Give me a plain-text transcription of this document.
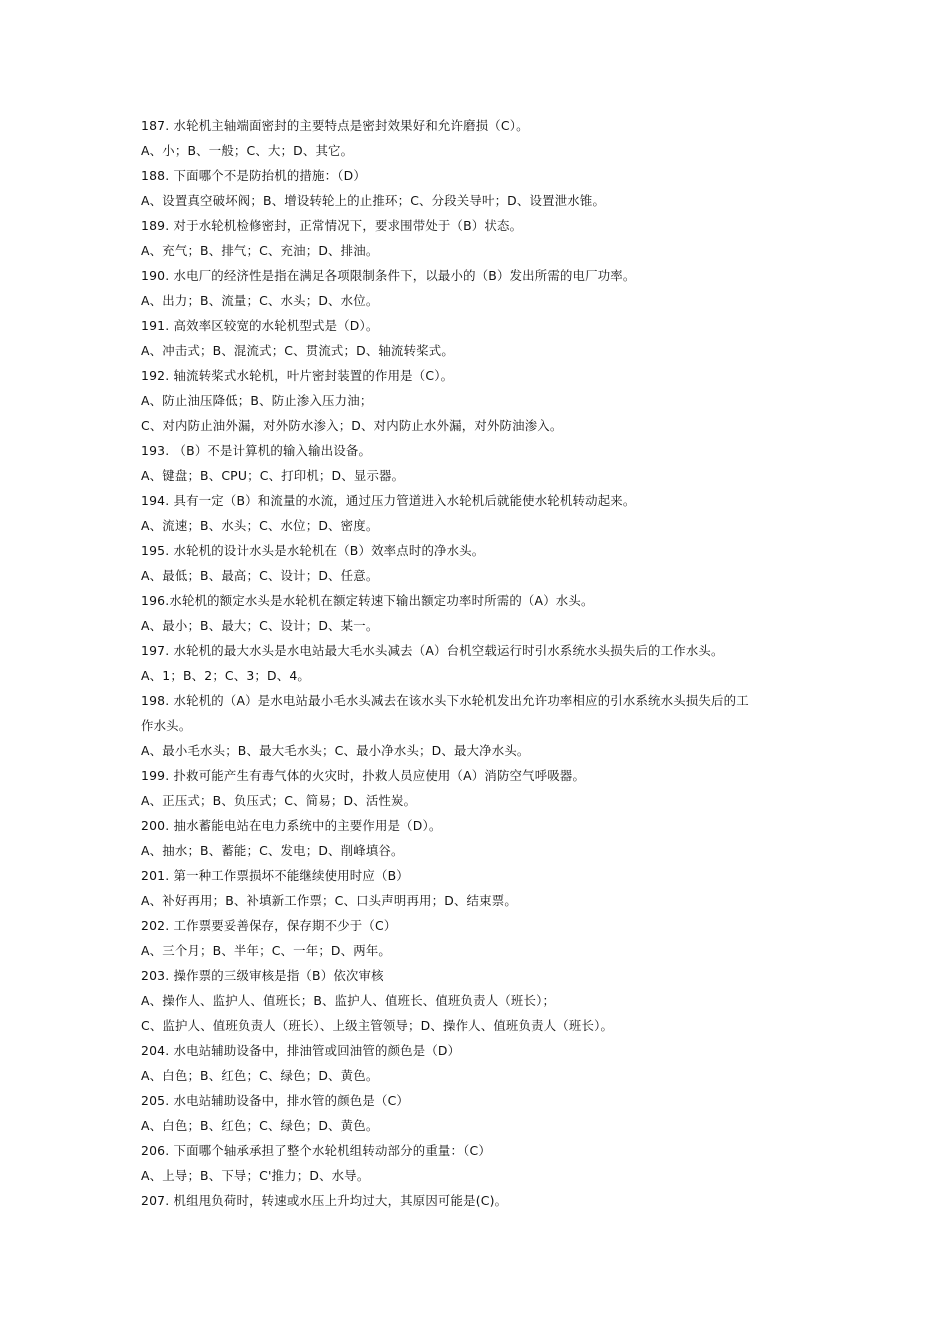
187. 水轮机主轴端面密封的主要特点是密封效果好和允许磨损（C）。
A、小；B、一般；C、大；D、其它。
188. 下面哪个不是防抬机的措施：（D）
A、设置真空破坏阀；B、增设转轮上的止推环；C、分段关导叶；D、设置泄水锥。
189. 对于水轮机检修密封，正常情况下，要求围带处于（B）状态。
A、充气；B、排气；C、充油；D、排油。
190. 水电厂的经济性是指在满足各项限制条件下，以最小的（B）发出所需的电厂功率。
A、出力；B、流量；C、水头；D、水位。
191. 高效率区较宽的水轮机型式是（D）。
A、冲击式；B、混流式；C、贯流式；D、轴流转桨式。
192. 轴流转桨式水轮机，叶片密封装置的作用是（C）。
A、防止油压降低；B、防止渗入压力油；
C、对内防止油外漏，对外防水渗入；D、对内防止水外漏，对外防油渗入。
193. （B）不是计算机的输入输出设备。
A、键盘；B、CPU；C、打印机；D、显示器。
194. 具有一定（B）和流量的水流，通过压力管道进入水轮机后就能使水轮机转动起来。
A、流速；B、水头；C、水位；D、密度。
195. 水轮机的设计水头是水轮机在（B）效率点时的净水头。
A、最低；B、最高；C、设计；D、任意。
196.水轮机的额定水头是水轮机在额定转速下输出额定功率时所需的（A）水头。
A、最小；B、最大；C、设计；D、某一。
197. 水轮机的最大水头是水电站最大毛水头减去（A）台机空载运行时引水系统水头损失后的工作水头。
A、1；B、2；C、3；D、4。
198. 水轮机的（A）是水电站最小毛水头减去在该水头下水轮机发出允许功率相应的引水系统水头损失后的工
作水头。
A、最小毛水头；B、最大毛水头；C、最小净水头；D、最大净水头。
199. 扑救可能产生有毒气体的火灾时，扑救人员应使用（A）消防空气呼吸器。
A、正压式；B、负压式；C、简易；D、活性炭。
200. 抽水蓄能电站在电力系统中的主要作用是（D）。
A、抽水；B、蓄能；C、发电；D、削峰填谷。
201. 第一种工作票损坏不能继续使用时应（B）
A、补好再用；B、补填新工作票；C、口头声明再用；D、结束票。
202. 工作票要妥善保存，保存期不少于（C）
A、三个月；B、半年；C、一年；D、两年。
203. 操作票的三级审核是指（B）依次审核
A、操作人、监护人、值班长；B、监护人、值班长、值班负责人（班长）；
C、监护人、值班负责人（班长）、上级主管领导；D、操作人、值班负责人（班长）。
204. 水电站辅助设备中，排油管或回油管的颜色是（D）
A、白色；B、红色；C、绿色；D、黄色。
205. 水电站辅助设备中，排水管的颜色是（C）
A、白色；B、红色；C、绿色；D、黄色。
206. 下面哪个轴承承担了整个水轮机组转动部分的重量：（C）
A、上导；B、下导；C'推力；D、水导。
207. 机组甩负荷时，转速或水压上升均过大，其原因可能是(C)。
